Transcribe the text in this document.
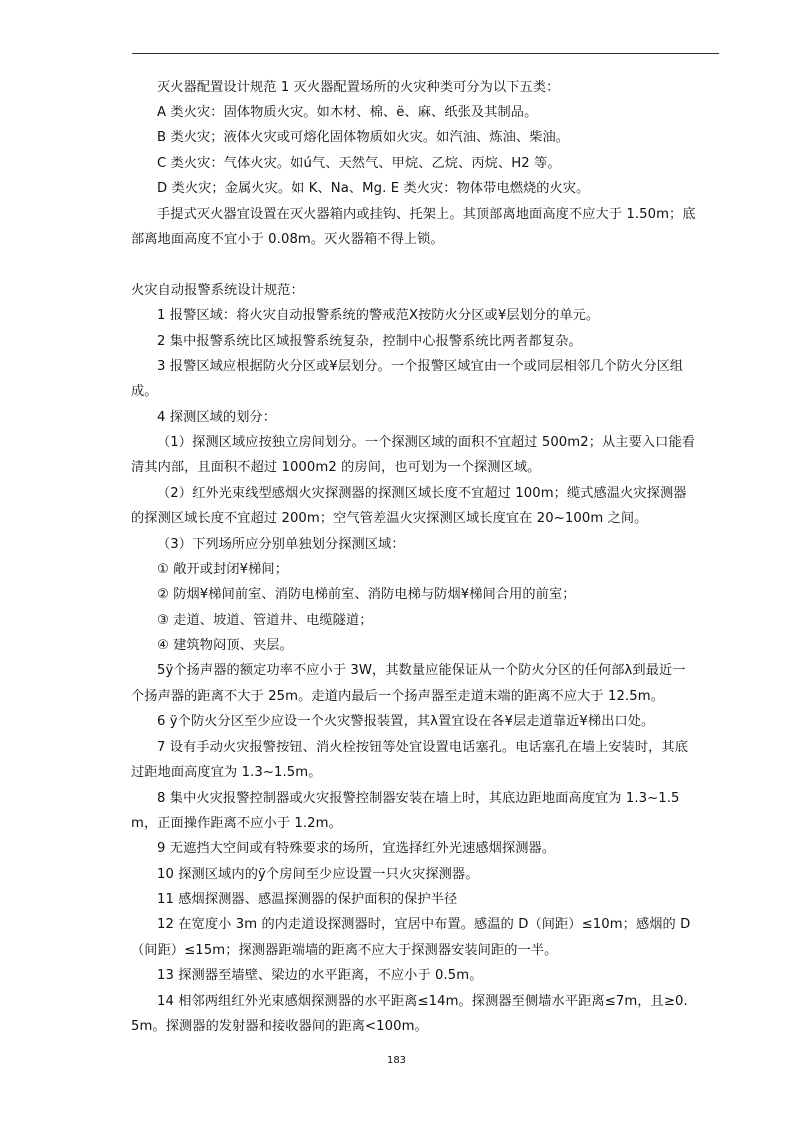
灭火器配置设计规范 1 灭火器配置场所的火灾种类可分为以下五类：
A 类火灾：固体物质火灾。如木材、棉、ё、麻、纸张及其制品。
B 类火灾；液体火灾或可熔化固体物质如火灾。如汽油、炼油、柴油。
C 类火灾：气体火灾。如ú气、天然气、甲烷、乙烷、丙烷、H2 等。
D 类火灾；金属火灾。如 K、Na、Mg. E 类火灾：物体带电燃烧的火灾。
手提式灭火器宜设置在灭火器箱内或挂钩、托架上。其顶部离地面高度不应大于 1.50m；底
部离地面高度不宜小于 0.08m。灭火器箱不得上锁。
火灾自动报警系统设计规范：
1 报警区域：将火灾自动报警系统的警戒范X按防火分区或¥层划分的单元。
2 集中报警系统比区域报警系统复杂，控制中心报警系统比两者都复杂。
3 报警区域应根据防火分区或¥层划分。一个报警区域宜由一个或同层相邻几个防火分区组
成。
4 探测区域的划分：
（1）探测区域应按独立房间划分。一个探测区域的面积不宜超过 500m2；从主要入口能看
清其内部，且面积不超过 1000m2 的房间，也可划为一个探测区域。
（2）红外光束线型感烟火灾探测器的探测区域长度不宜超过 100m；缆式感温火灾探测器
的探测区域长度不宜超过 200m；空气管差温火灾探测区域长度宜在 20~100m 之间。
（3）下列场所应分别单独划分探测区域：
① 敞开或封闭¥梯间；
② 防烟¥梯间前室、消防电梯前室、消防电梯与防烟¥梯间合用的前室；
③ 走道、坡道、管道井、电缆隧道；
④ 建筑物闷顶、夹层。
5ÿ个扬声器的额定功率不应小于 3W，其数量应能保证从一个防火分区的任何部λ到最近一
个扬声器的距离不大于 25m。走道内最后一个扬声器至走道末端的距离不应大于 12.5m。
6 ÿ个防火分区至少应设一个火灾警报装置，其λ置宜设在各¥层走道靠近¥梯出口处。
7 设有手动火灾报警按钮、消火栓按钮等处宜设置电话塞孔。电话塞孔在墙上安装时，其底
过距地面高度宜为 1.3~1.5m。
8 集中火灾报警控制器或火灾报警控制器安装在墙上时，其底边距地面高度宜为 1.3~1.5
m，正面操作距离不应小于 1.2m。
9 无遮挡大空间或有特殊要求的场所，宜选择红外光速感烟探测器。
10 探测区域内的ÿ个房间至少应设置一只火灾探测器。
11 感烟探测器、感温探测器的保护面积的保护半径
12 在宽度小 3m 的内走道设探测器时，宜居中布置。感温的 D（间距）≤10m；感烟的 D
（间距）≤15m；探测器距端墙的距离不应大于探测器安装间距的一半。
13 探测器至墙壁、梁边的水平距离，不应小于 0.5m。
14 相邻两组红外光束感烟探测器的水平距离≤14m。探测器至侧墙水平距离≤7m，且≥0.
5m。探测器的发射器和接收器间的距离<100m。
183
